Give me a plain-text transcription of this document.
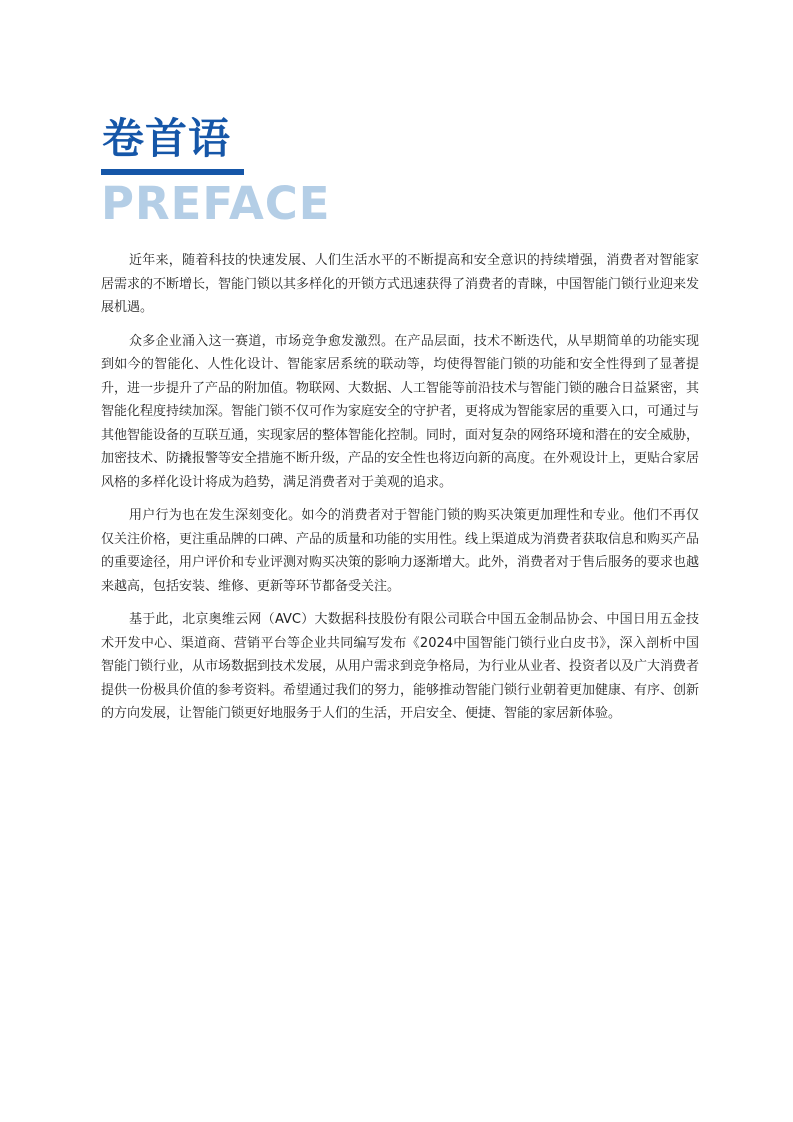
卷首语
PREFACE

近年来，随着科技的快速发展、人们生活水平的不断提高和安全意识的持续增强，消费者对智能家居需求的不断增长，智能门锁以其多样化的开锁方式迅速获得了消费者的青睐，中国智能门锁行业迎来发展机遇。

众多企业涌入这一赛道，市场竞争愈发激烈。在产品层面，技术不断迭代，从早期简单的功能实现到如今的智能化、人性化设计、智能家居系统的联动等，均使得智能门锁的功能和安全性得到了显著提升，进一步提升了产品的附加值。物联网、大数据、人工智能等前沿技术与智能门锁的融合日益紧密，其智能化程度持续加深。智能门锁不仅可作为家庭安全的守护者，更将成为智能家居的重要入口，可通过与其他智能设备的互联互通，实现家居的整体智能化控制。同时，面对复杂的网络环境和潜在的安全威胁，加密技术、防撬报警等安全措施不断升级，产品的安全性也将迈向新的高度。在外观设计上，更贴合家居风格的多样化设计将成为趋势，满足消费者对于美观的追求。

用户行为也在发生深刻变化。如今的消费者对于智能门锁的购买决策更加理性和专业。他们不再仅仅关注价格，更注重品牌的口碑、产品的质量和功能的实用性。线上渠道成为消费者获取信息和购买产品的重要途径，用户评价和专业评测对购买决策的影响力逐渐增大。此外，消费者对于售后服务的要求也越来越高，包括安装、维修、更新等环节都备受关注。

基于此，北京奥维云网（AVC）大数据科技股份有限公司联合中国五金制品协会、中国日用五金技术开发中心、渠道商、营销平台等企业共同编写发布《2024中国智能门锁行业白皮书》，深入剖析中国智能门锁行业，从市场数据到技术发展，从用户需求到竞争格局，为行业从业者、投资者以及广大消费者提供一份极具价值的参考资料。希望通过我们的努力，能够推动智能门锁行业朝着更加健康、有序、创新的方向发展，让智能门锁更好地服务于人们的生活，开启安全、便捷、智能的家居新体验。
